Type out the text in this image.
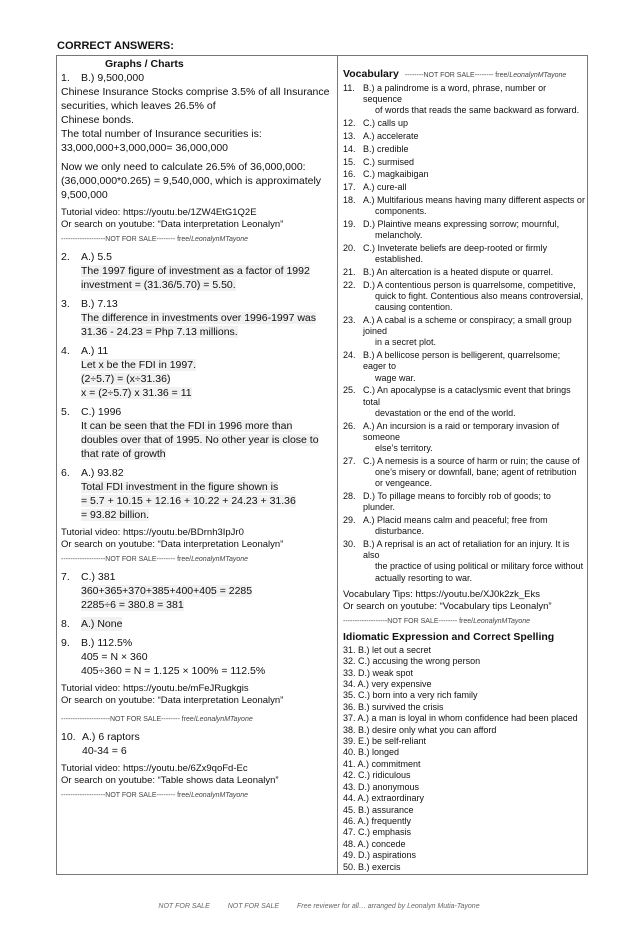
CORRECT ANSWERS:
Graphs / Charts
1.	B.) 9,500,000
Chinese Insurance Stocks comprise 3.5% of all Insurance securities, which leaves 26.5% of
Chinese bonds.
The total number of Insurance securities is:
33,000,000+3,000,000= 36,000,000
Now we only need to calculate 26.5% of 36,000,000:
(36,000,000*0.265) = 9,540,000, which is approximately 9,500,000
Tutorial video: https://youtu.be/1ZW4EtG1Q2E
Or search on youtube: “Data interpretation Leonalyn”
-------------------NOT FOR SALE-------- free/LeonalynMTayone
2.	A.) 5.5
The 1997 figure of investment as a factor of 1992
investment = (31.36/5.70) = 5.50.
3.	B.) 7.13
The difference in investments over 1996-1997 was
31.36 - 24.23 = Php 7.13 millions.
4.	A.) 11
Let x be the FDI in 1997.
(2÷5.7) = (x÷31.36)
x = (2÷5.7) x 31.36 = 11
5.	C.) 1996
It can be seen that the FDI in 1996 more than
doubles over that of 1995. No other year is close to
that rate of growth
6.	A.) 93.82
Total FDI investment in the figure shown is
= 5.7 + 10.15 + 12.16 + 10.22 + 24.23 + 31.36
= 93.82 billion.
Tutorial video: https://youtu.be/BDrnh3IpJr0
Or search on youtube: “Data interpretation Leonalyn”
-------------------NOT FOR SALE-------- free/LeonalynMTayone
7.	C.) 381
360+365+370+385+400+405 = 2285
2285÷6 = 380.8 = 381
8.	A.) None
9.	B.) 112.5%
405 = N × 360
405÷360 = N = 1.125 × 100% = 112.5%
Tutorial video: https://youtu.be/mFeJRugkgis
Or search on youtube: “Data interpretation Leonalyn”
---------------------NOT FOR SALE-------- free/LeonalynMTayone
10. A.) 6 raptors
40-34 = 6
Tutorial video: https://youtu.be/6Zx9qoFd-Ec
Or search on youtube: “Table shows data Leonalyn”
-------------------NOT FOR SALE-------- free/LeonalynMTayone
Vocabulary --------NOT FOR SALE-------- free/LeonalynMTayone
11. B.) a palindrome is a word, phrase, number or sequence
of words that reads the same backward as forward.
12. C.) calls up
13. A.) accelerate
14. B.) credible
15. C.) surmised
16. C.) magkaibigan
17. A.) cure-all
18. A.) Multifarious means having many different aspects or
components.
19. D.) Plaintive means expressing sorrow; mournful,
melancholy.
20. C.) Inveterate beliefs are deep-rooted or firmly
established.
21. B.) An altercation is a heated dispute or quarrel.
22. D.) A contentious person is quarrelsome, competitive,
quick to fight. Contentious also means controversial, causing contention.
23. A.) A cabal is a scheme or conspiracy; a small group joined
in a secret plot.
24. B.) A bellicose person is belligerent, quarrelsome; eager to
wage war.
25. C.) An apocalypse is a cataclysmic event that brings total
devastation or the end of the world.
26. A.) An incursion is a raid or temporary invasion of someone
else’s territory.
27. C.) A nemesis is a source of harm or ruin; the cause of
one’s misery or downfall, bane; agent of retribution or vengeance.
28. D.) To pillage means to forcibly rob of goods; to plunder.
29. A.) Placid means calm and peaceful; free from
disturbance.
30. B.) A reprisal is an act of retaliation for an injury. It is also
the practice of using political or military force without actually resorting to war.
Vocabulary Tips: https://youtu.be/XJ0k2zk_Eks
Or search on youtube: “Vocabulary tips Leonalyn”
-------------------NOT FOR SALE-------- free/LeonalynMTayone
Idiomatic Expression and Correct Spelling
31. B.) let out a secret
32. C.) accusing the wrong person
33. D.) weak spot
34. A.) very expensive
35. C.) born into a very rich family
36. B.) survived the crisis
37. A.) a man is loyal in whom confidence had been placed
38. B.) desire only what you can afford
39. E.) be self-reliant
40. B.) longed
41. A.) commitment
42. C.) ridiculous
43. D.) anonymous
44. A.) extraordinary
45. B.) assurance
46. A.) frequently
47. C.) emphasis
48. A.) concede
49. D.) aspirations
50. B.) exercis
NOT FOR SALE	NOT FOR SALE	Free reviewer for all… arranged by Leonalyn Mutia-Tayone
